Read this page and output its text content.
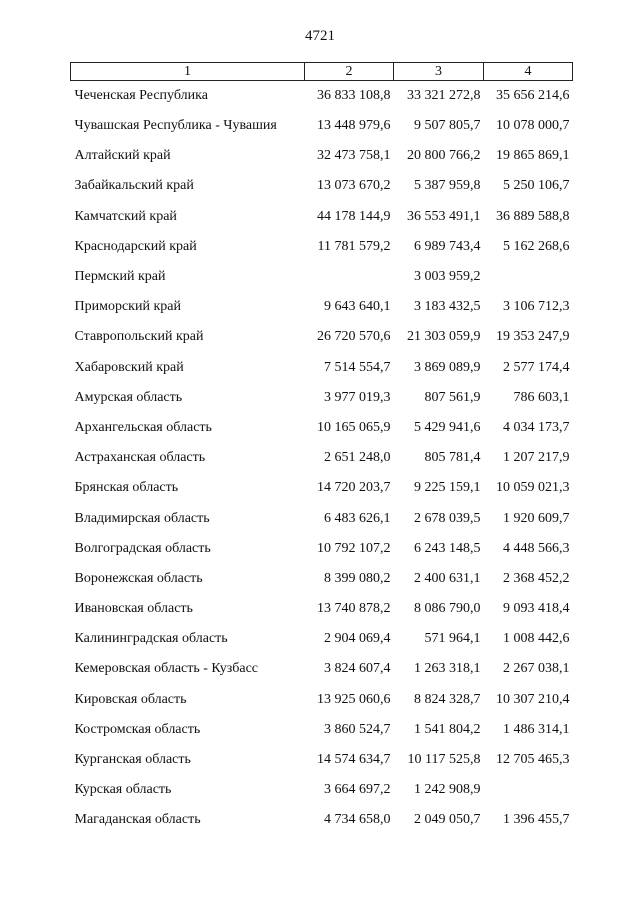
4721
1	2	3	4
Чеченская Республика	36 833 108,8	33 321 272,8	35 656 214,6
Чувашская Республика - Чувашия	13 448 979,6	9 507 805,7	10 078 000,7
Алтайский край	32 473 758,1	20 800 766,2	19 865 869,1
Забайкальский край	13 073 670,2	5 387 959,8	5 250 106,7
Камчатский край	44 178 144,9	36 553 491,1	36 889 588,8
Краснодарский край	11 781 579,2	6 989 743,4	5 162 268,6
Пермский край		3 003 959,2	
Приморский край	9 643 640,1	3 183 432,5	3 106 712,3
Ставропольский край	26 720 570,6	21 303 059,9	19 353 247,9
Хабаровский край	7 514 554,7	3 869 089,9	2 577 174,4
Амурская область	3 977 019,3	807 561,9	786 603,1
Архангельская область	10 165 065,9	5 429 941,6	4 034 173,7
Астраханская область	2 651 248,0	805 781,4	1 207 217,9
Брянская область	14 720 203,7	9 225 159,1	10 059 021,3
Владимирская область	6 483 626,1	2 678 039,5	1 920 609,7
Волгоградская область	10 792 107,2	6 243 148,5	4 448 566,3
Воронежская область	8 399 080,2	2 400 631,1	2 368 452,2
Ивановская область	13 740 878,2	8 086 790,0	9 093 418,4
Калининградская область	2 904 069,4	571 964,1	1 008 442,6
Кемеровская область - Кузбасс	3 824 607,4	1 263 318,1	2 267 038,1
Кировская область	13 925 060,6	8 824 328,7	10 307 210,4
Костромская область	3 860 524,7	1 541 804,2	1 486 314,1
Курганская область	14 574 634,7	10 117 525,8	12 705 465,3
Курская область	3 664 697,2	1 242 908,9	
Магаданская область	4 734 658,0	2 049 050,7	1 396 455,7
